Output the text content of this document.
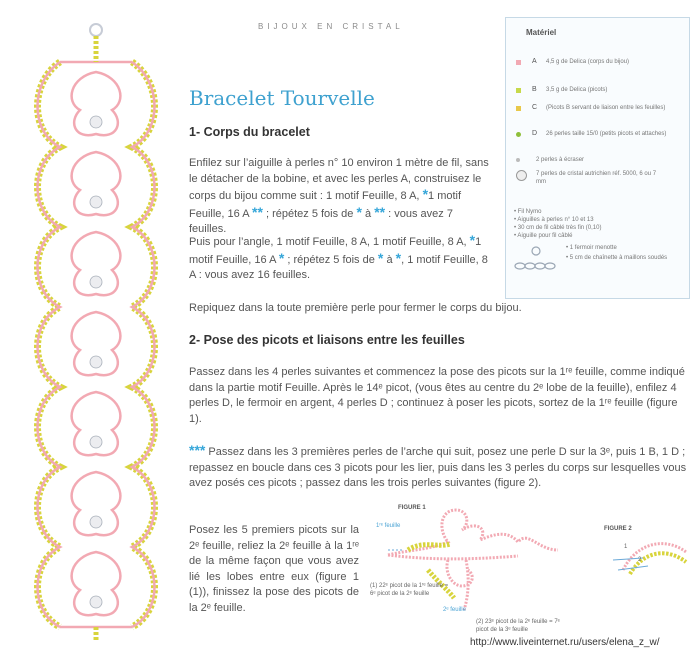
BIJOUX EN CRISTAL
Bracelet Tourvelle
1- Corps du bracelet
Enfilez sur l’aiguille à perles n° 10 environ 1 mètre de fil, sans le détacher de la bobine, et avec les perles A, construisez le corps du bijou comme suit : 1 motif Feuille, 8 A, *1 motif Feuille, 16 A ** ; répétez 5 fois de * à ** : vous avez 7 feuilles.
Puis pour l’angle, 1 motif Feuille, 8 A, 1 motif Feuille, 8 A, *1 motif Feuille, 16 A * ; répétez 5 fois de * à *, 1 motif Feuille, 8 A : vous avez 16 feuilles.
Repiquez dans la toute première perle pour fermer le corps du bijou.
2- Pose des picots et liaisons entre les feuilles
Passez dans les 4 perles suivantes et commencez la pose des picots sur la 1ʳᵉ feuille, comme indiqué dans la partie motif Feuille. Après le 14ᵉ picot, (vous êtes au centre du 2ᵉ lobe de la feuille), enfilez 4 perles D, le fermoir en argent, 4 perles D ; continuez à poser les picots, sortez de la 1ʳᵉ feuille (figure 1).
*** Passez dans les 3 premières perles de l’arche qui suit, posez une perle D sur la 3ᵉ, puis 1 B, 1 D ; repassez en boucle dans ces 3 picots pour les lier, puis dans les 3 perles du corps sur lesquelles vous avez posés ces picots ; passez dans les trois perles suivantes (figure 2).
Posez les 5 premiers picots sur la 2ᵉ feuille, reliez la 2ᵉ feuille à la 1ʳᵉ de la même façon que vous avez lié les lobes entre eux (figure 1 (1)), finissez la pose des picots de la 2ᵉ feuille.
Matériel
A 4,5 g de Delica (corps du bijou)
B 3,5 g de Delica (picots)
C (Picots B servant de liaison entre les feuilles)
D 26 perles taille 15/0 (petits picots et attaches)
2 perles à écraser
7 perles de cristal autrichien réf. 5000, 6 ou 7 mm
• Fil Nymo
• Aiguilles à perles n° 10 et 13
• 30 cm de fil câblé très fin (0,10)
• Aiguille pour fil câblé
• 1 fermoir menotte
• 5 cm de chaînette à maillons soudés
FIGURE 1
FIGURE 2
1ʳᵉ feuille
2ᵉ feuille
(1) 22ᵉ picot de la 1ʳᵉ feuille = 6ᵉ picot de la 2ᵉ feuille
(2) 23ᵉ picot de la 2ᵉ feuille = 7ᵉ picot de la 3ᵉ feuille
1
2
http://www.liveinternet.ru/users/elena_z_w/
